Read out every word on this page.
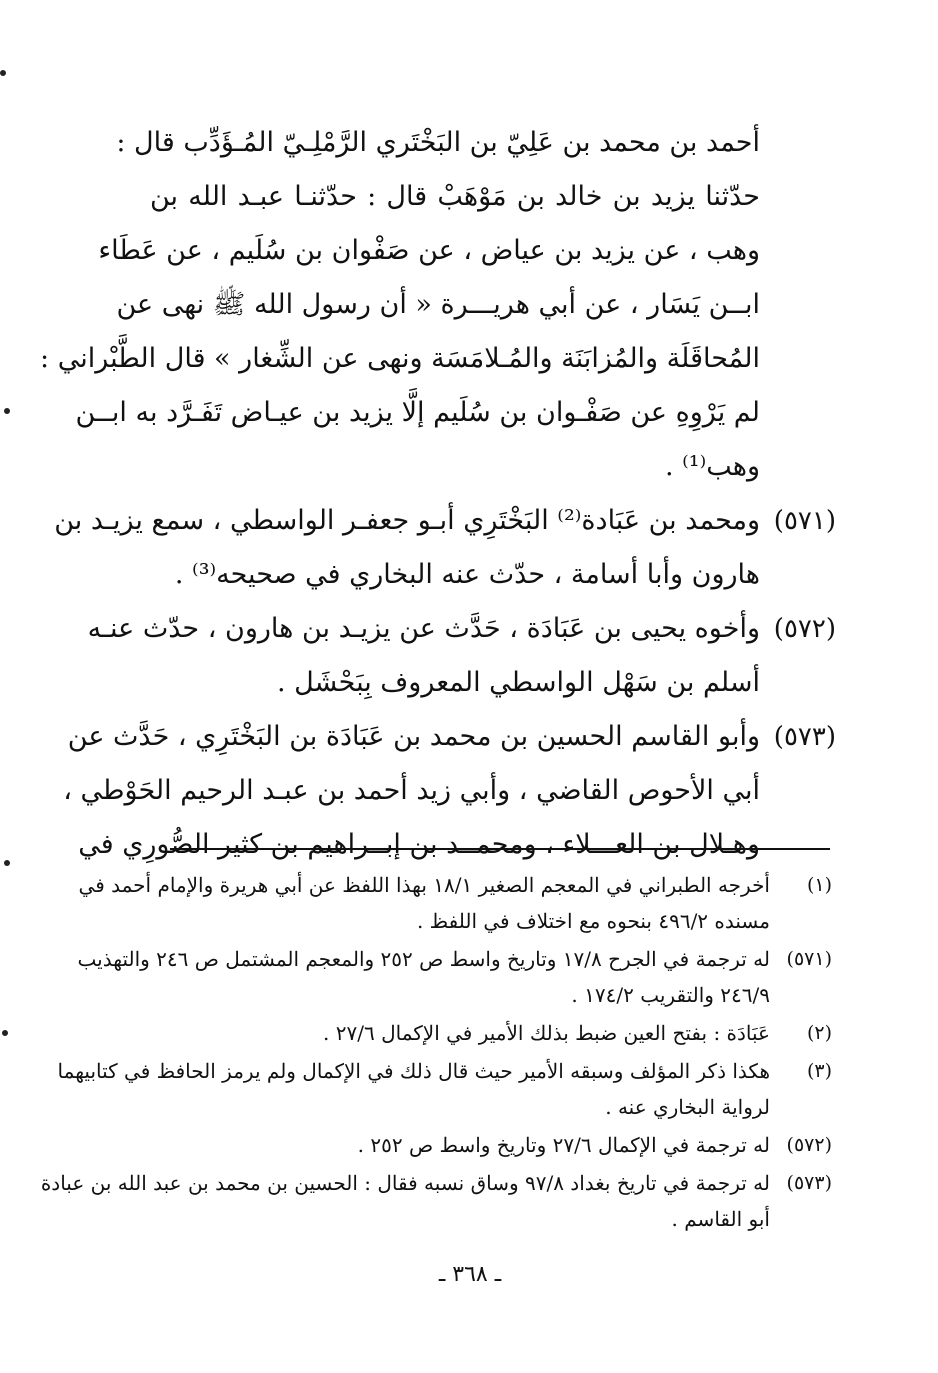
أحمد بن محمد بن عَلِيّ بن البَخْتَري الرَّمْلِـيّ المُـؤَدِّب قال :
حدّثنا يزيد بن خالد بن مَوْهَبْ قال : حدّثنـا عبـد الله بن
وهب ، عن يزيد بن عياض ، عن صَفْوان بن سُلَيم ، عن عَطَاء
ابــن يَسَار ، عن أبي هريـــرة « أن رسول الله ﷺ نهى عن
المُحاقَلَة والمُزابَنَة والمُـلامَسَة ونهى عن الشِّغار » قال الطَّبْراني :
لم يَرْوِهِ عن صَفْـوان بن سُلَيم إلَّا يزيد بن عيـاض تَفَـرَّد به ابــن
وهب⁽¹⁾ .
(٥٧١)
ومحمد بن عَبَادة⁽²⁾ البَخْتَرِي أبـو جعفـر الواسطي ، سمع يزيـد بن
هارون وأبا أسامة ، حدّث عنه البخاري في صحيحه⁽³⁾ .
(٥٧٢)
وأخوه يحيى بن عَبَادَة ، حَدَّث عن يزيـد بن هارون ، حدّث عنـه
أسلم بن سَهْل الواسطي المعروف بِبَحْشَل .
(٥٧٣)
وأبو القاسم الحسين بن محمد بن عَبَادَة بن البَخْتَرِي ، حَدَّث عن
أبي الأحوص القاضي ، وأبي زيد أحمد بن عبـد الرحيم الحَوْطي ،
وهـلال بن العـــلاء ، ومحمــد بن إبــراهيم بن كثير الصُّورِي في
(١)
أخرجه الطبراني في المعجم الصغير ١٨/١ بهذا اللفظ عن أبي هريرة والإمام أحمد في
مسنده ٤٩٦/٢ بنحوه مع اختلاف في اللفظ .
(٥٧١)
له ترجمة في الجرح ١٧/٨ وتاريخ واسط ص ٢٥٢ والمعجم المشتمل ص ٢٤٦ والتهذيب
٢٤٦/٩ والتقريب ١٧٤/٢ .
(٢)
عَبَادَة : بفتح العين ضبط بذلك الأمير في الإكمال ٢٧/٦ .
(٣)
هكذا ذكر المؤلف وسبقه الأمير حيث قال ذلك في الإكمال ولم يرمز الحافظ في كتابيهما
لرواية البخاري عنه .
(٥٧٢)
له ترجمة في الإكمال ٢٧/٦ وتاريخ واسط ص ٢٥٢ .
(٥٧٣)
له ترجمة في تاريخ بغداد ٩٧/٨ وساق نسبه فقال : الحسين بن محمد بن عبد الله بن عبادة
أبو القاسم .
ـ ٣٦٨ ـ
